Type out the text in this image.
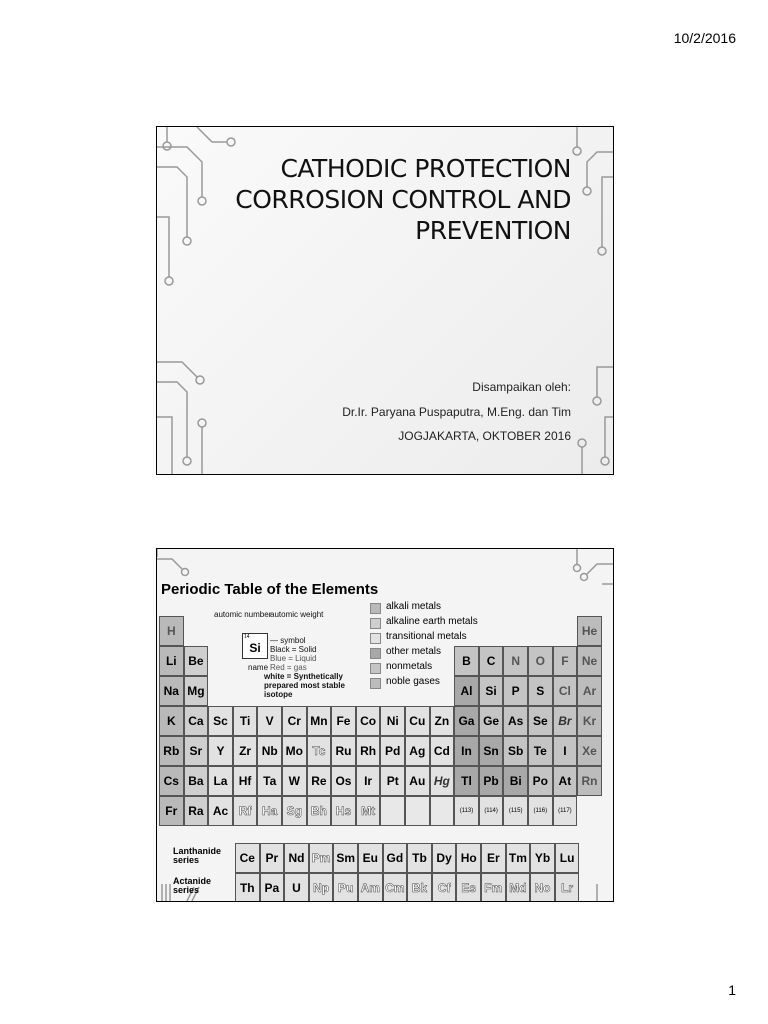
10/2/2016
CATHODIC PROTECTION
CORROSION CONTROL AND
PREVENTION
Disampaikan oleh:
Dr.Ir. Paryana Puspaputra, M.Eng. dan Tim
JOGJAKARTA, OKTOBER 2016
Periodic Table of the Elements
H	He
Li Be	B	C	N	O	F	Ne
Na Mg	Al	Si	P	S	Cl Ar
K	Ca Sc	Ti	V	Cr Mn Fe Co Ni Cu Zn Ga Ge As Se Br Kr
Rb Sr	Y	Zr Nb Mo Tc Ru Rh Pd Ag Cd In Sn Sb Te	I	Xe
Cs Ba La Hf Ta	W Re Os	Ir	Pt Au Hg Tl Pb Bi Po At Rn
Fr Ra Ac Rf Ha Sg Bh Hs Mt	(113)	(114)	(115)	(116)	(117)
Ce Pr Nd Pm Sm Eu Gd Tb Dy Ho Er Tm Yb Lu
Th Pa	U	Np Pu Am Cm Bk Cf Es Fm Md No Lr
Lanthanide series
Actanide series
alkali metals
alkaline earth metals
transitional metals
other metals
nonmetals
noble gases
automic number
automic weight
14
Si
— symbol
Black = Solid
Blue = Liquid
name Red = gas
white = Synthetically prepared most stable isotope
1
